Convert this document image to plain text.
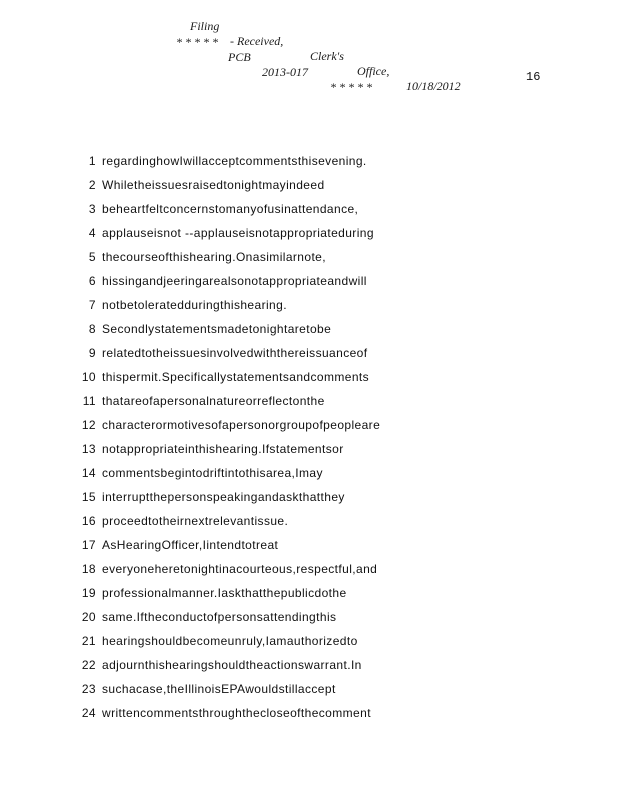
Filing

- Received,

Clerk's

Office,

10/18/2012

* * * * *

PCB

2013-017

* * * * *

16
1 regardinghowIwillacceptcommentsthisevening.
2 Whiletheissuesraisedtonightmayindeed
3 beheartfeltconcernstomanyofusinattendance,
4 applauseisnot --applauseisnotappropriateduring
5 thecourseofthishearing.Onasimilarnote,
6 hissingandjeeringarealsonotappropriateandwill
7 notbetoleratedduringthishearing.
8 Secondlystatementsmadetonightaretobe
9 relatedtotheissuesinvolvedwiththereissuanceof
10 thispermit.Specificallystatementsandcomments
11 thatareofapersonalnatureorreflectonthe
12 characterormotivesofapersonorgroupofpeopleare
13 notappropriateinthishearing.Ifstatementsor
14 commentsbegintodriftintothisarea,Imay
15 interruptthepersonspeakingandaskthatthey
16 proceedtotheirnextrelevantissue.
17 AsHearingOfficer,Iintendtotreat
18 everyoneheretonightinacourteous,respectful,and
19 professionalmanner.Iaskthatthepublicdothe
20 same.Iftheconductofpersonsattendingthis
21 hearingshouldbecomeunruly,Iamauthorizedto
22 adjournthishearingshouldtheactionswarrant.In
23 suchacase,theIllinoisEPAwouldstillaccept
24 writtencommentsthroughthecloseofthecomment
